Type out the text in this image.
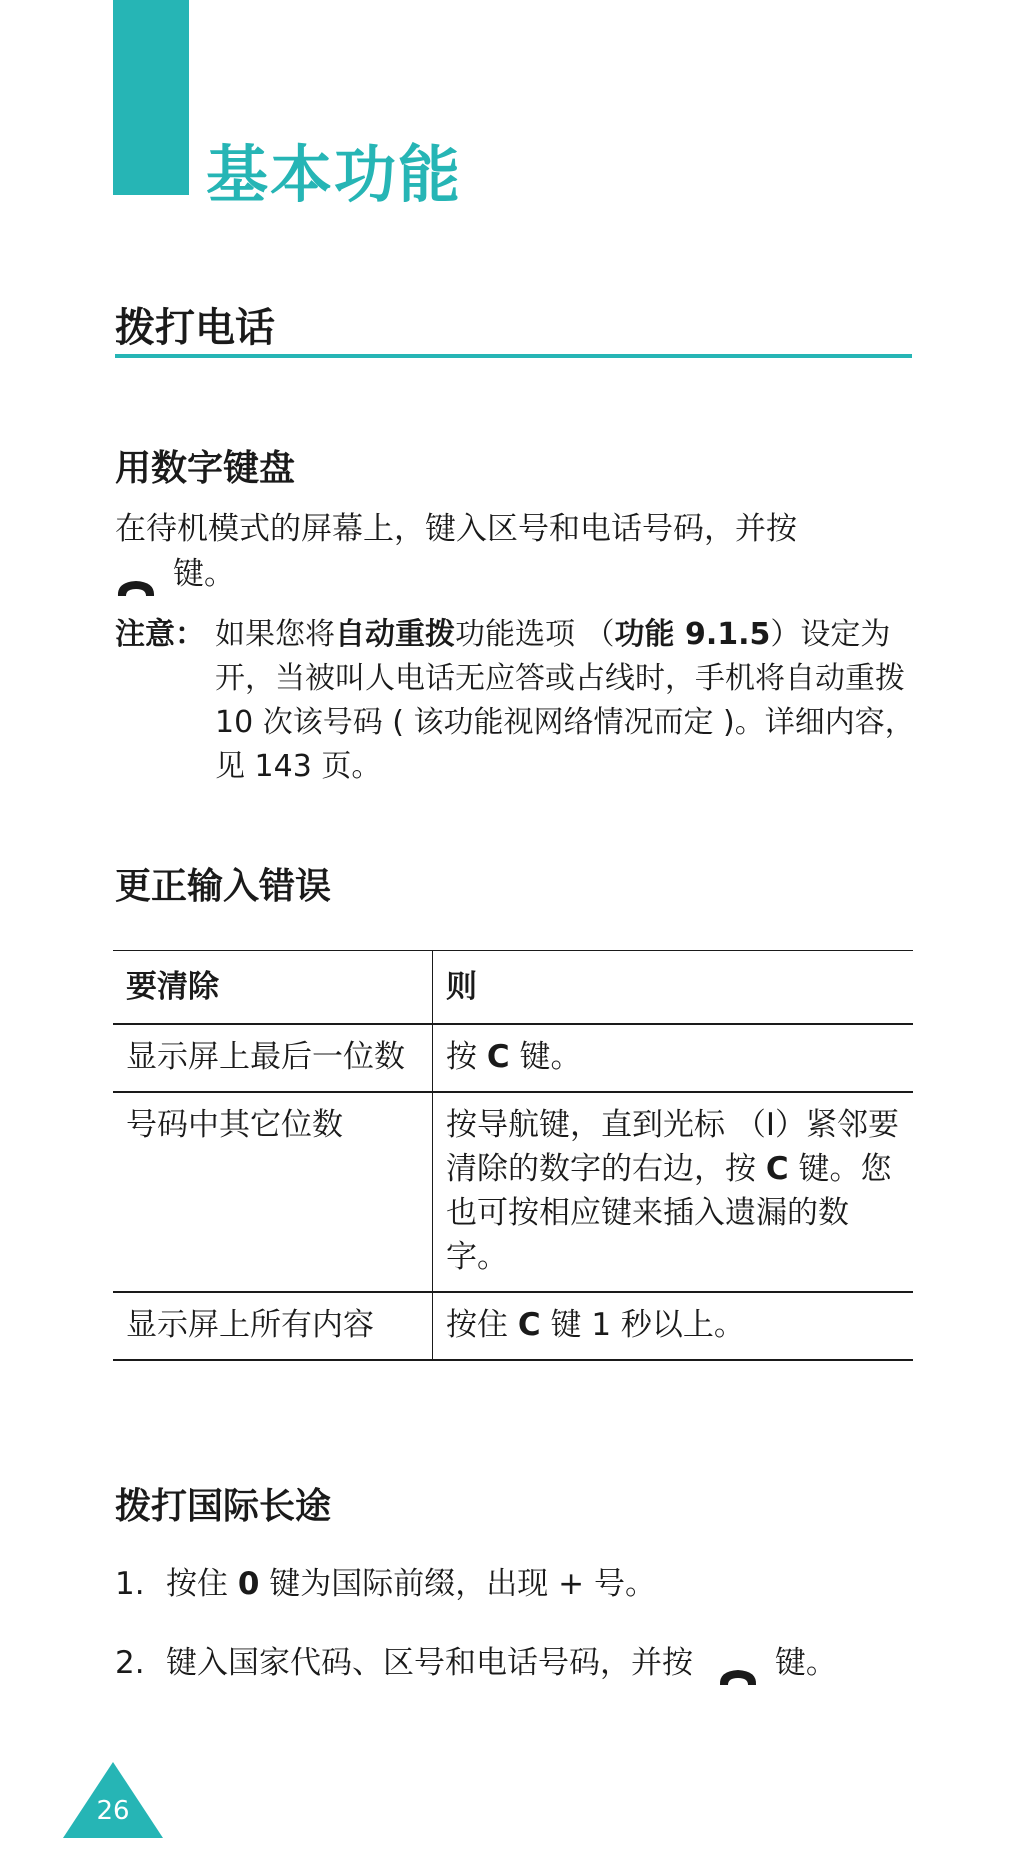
基本功能
拨打电话
用数字键盘
在待机模式的屏幕上，键入区号和电话号码，并按
键。
注意： 如果您将自动重拨功能选项 （功能 9.1.5）设定为开，当被叫人电话无应答或占线时，手机将自动重拨 10 次该号码 ( 该功能视网络情况而定 )。详细内容，见 143 页。
更正输入错误
要清除	则
显示屏上最后一位数	按 C 键。
号码中其它位数	按导航键，直到光标 （I）紧邻要清除的数字的右边，按 C 键。您也可按相应键来插入遗漏的数字。
显示屏上所有内容	按住 C 键 1 秒以上。
拨打国际长途
1. 按住 0 键为国际前缀，出现 + 号。
2. 键入国家代码、区号和电话号码，并按	键。
26
